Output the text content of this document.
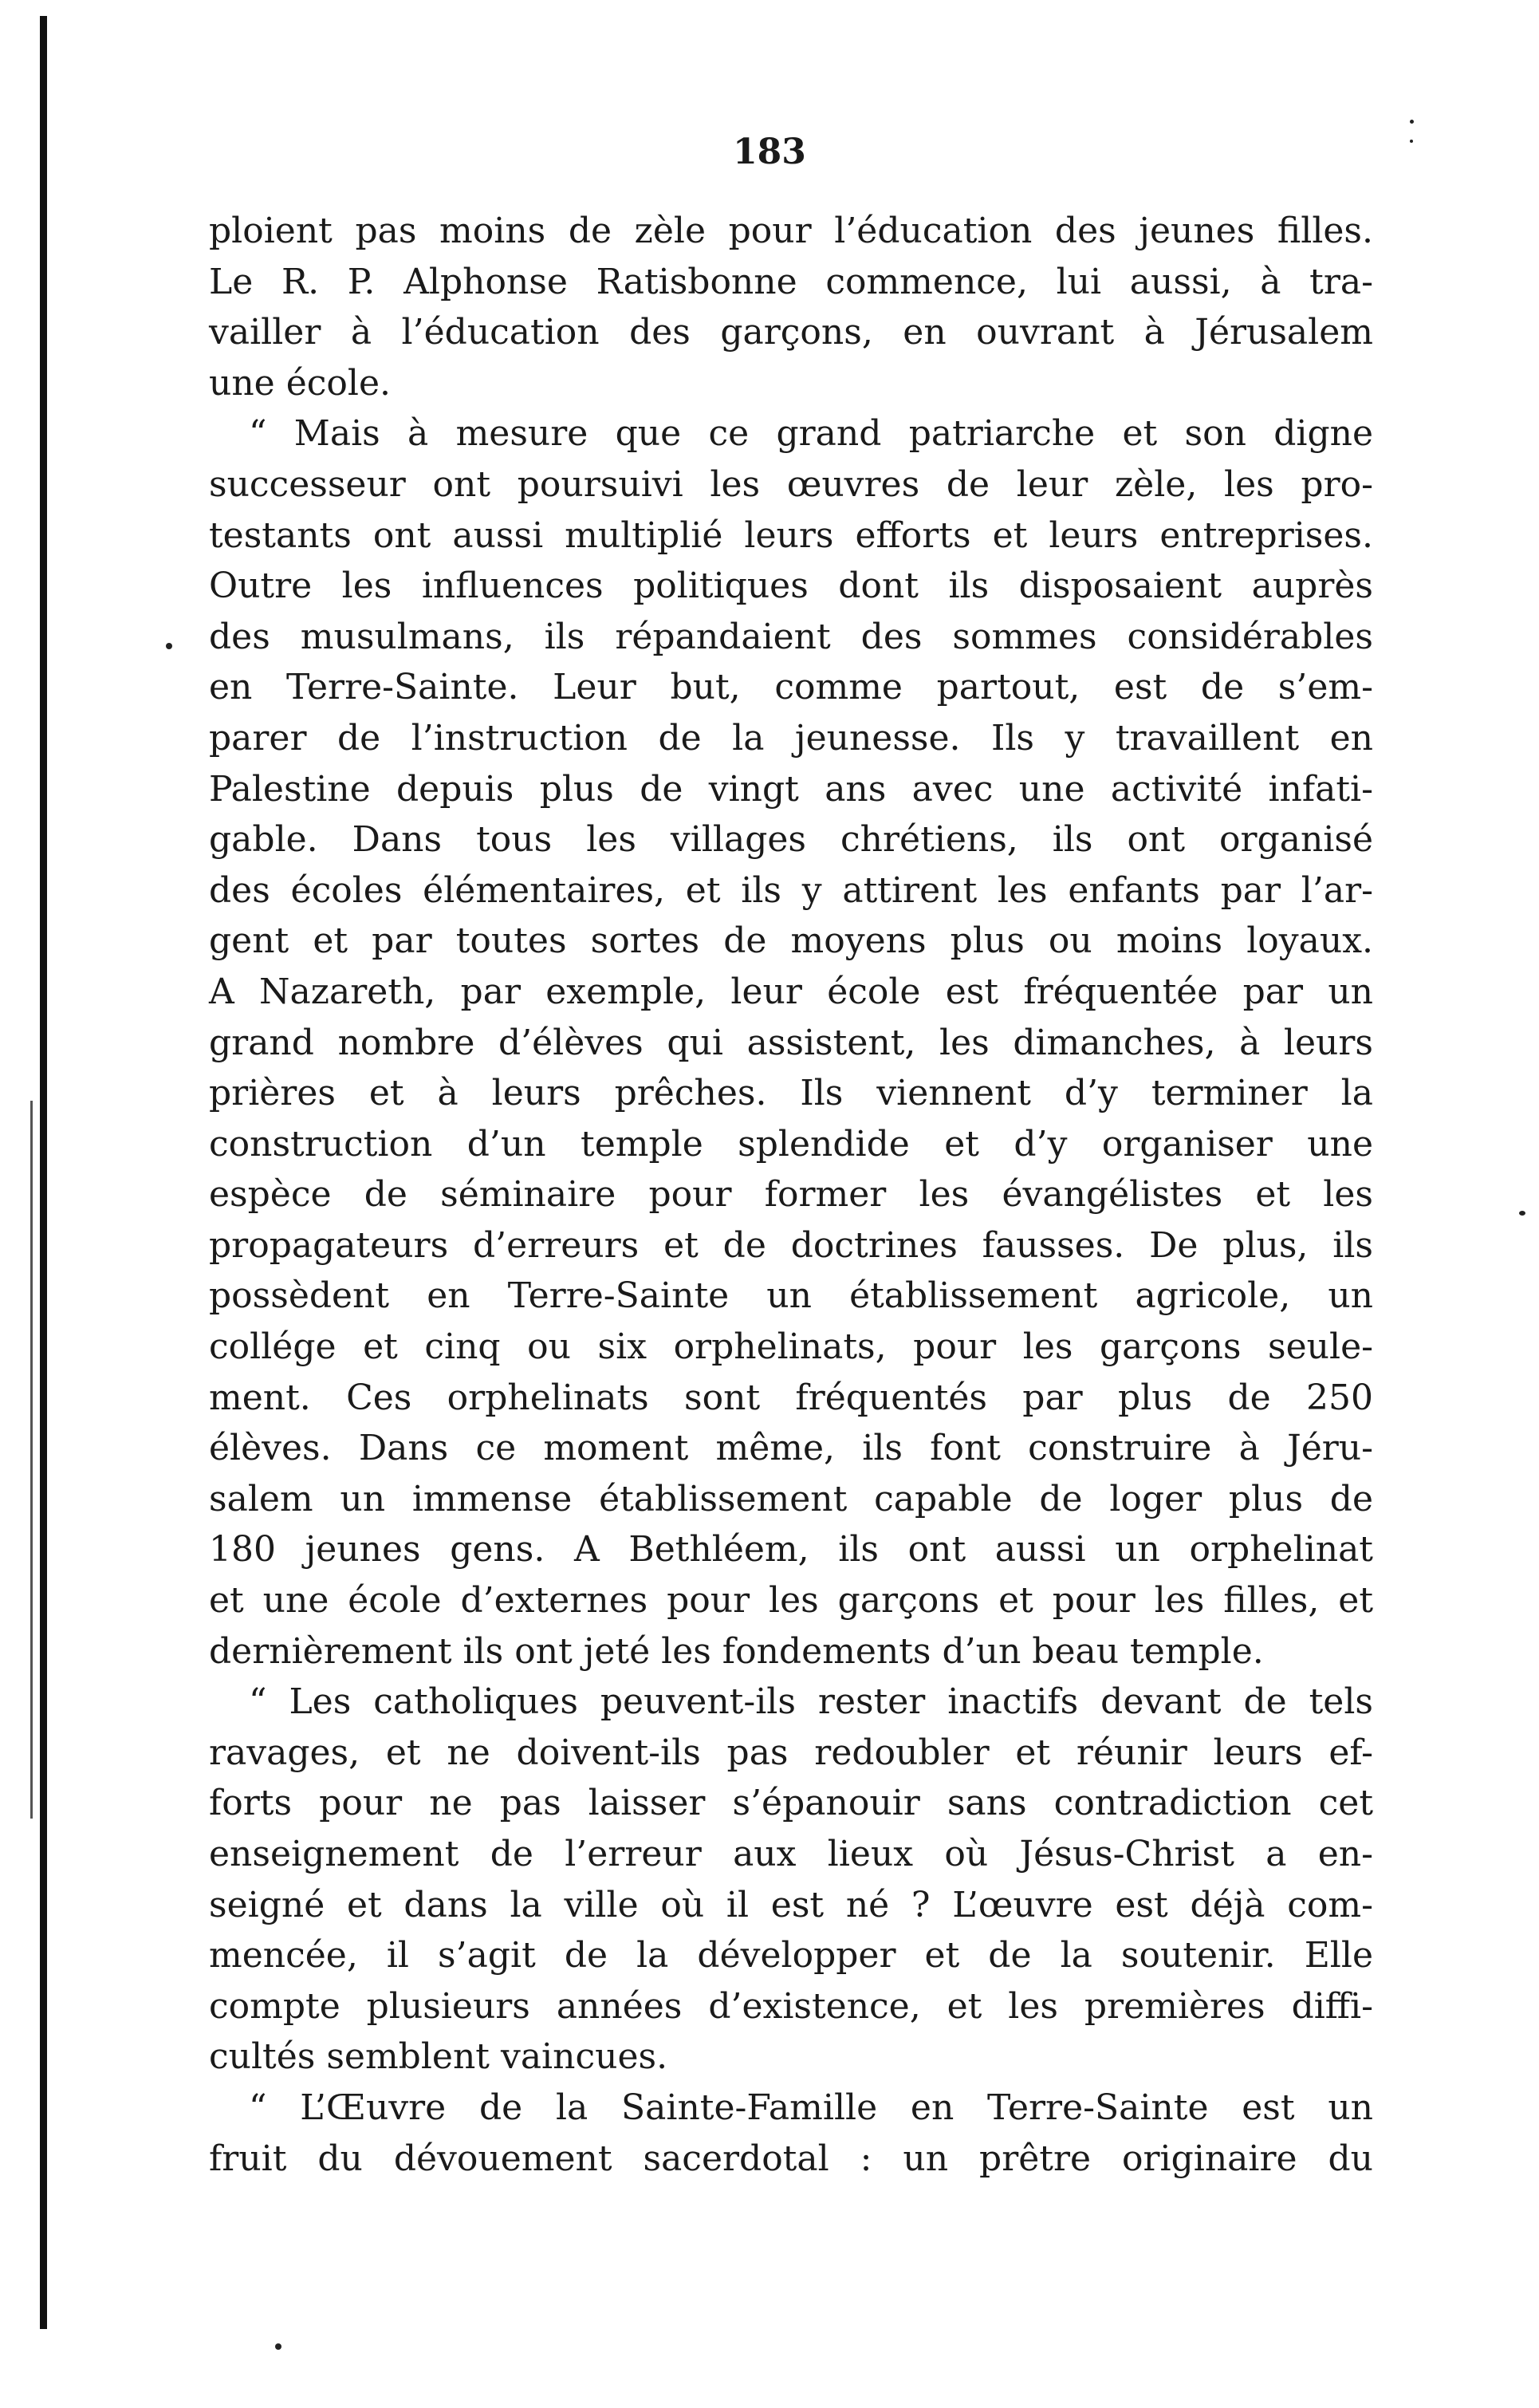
183
ploient pas moins de zèle pour l’éducation des jeunes filles.
Le R. P. Alphonse Ratisbonne commence, lui aussi, à tra-
vailler à l’éducation des garçons, en ouvrant à Jérusalem
une école.
“ Mais à mesure que ce grand patriarche et son digne
successeur ont poursuivi les œuvres de leur zèle, les pro-
testants ont aussi multiplié leurs efforts et leurs entreprises.
Outre les influences politiques dont ils disposaient auprès
des musulmans, ils répandaient des sommes considérables
en Terre-Sainte. Leur but, comme partout, est de s’em-
parer de l’instruction de la jeunesse. Ils y travaillent en
Palestine depuis plus de vingt ans avec une activité infati-
gable. Dans tous les villages chrétiens, ils ont organisé
des écoles élémentaires, et ils y attirent les enfants par l’ar-
gent et par toutes sortes de moyens plus ou moins loyaux.
A Nazareth, par exemple, leur école est fréquentée par un
grand nombre d’élèves qui assistent, les dimanches, à leurs
prières et à leurs prêches. Ils viennent d’y terminer la
construction d’un temple splendide et d’y organiser une
espèce de séminaire pour former les évangélistes et les
propagateurs d’erreurs et de doctrines fausses. De plus, ils
possèdent en Terre-Sainte un établissement agricole, un
collége et cinq ou six orphelinats, pour les garçons seule-
ment. Ces orphelinats sont fréquentés par plus de 250
élèves. Dans ce moment même, ils font construire à Jéru-
salem un immense établissement capable de loger plus de
180 jeunes gens. A Bethléem, ils ont aussi un orphelinat
et une école d’externes pour les garçons et pour les filles, et
dernièrement ils ont jeté les fondements d’un beau temple.
“ Les catholiques peuvent-ils rester inactifs devant de tels
ravages, et ne doivent-ils pas redoubler et réunir leurs ef-
forts pour ne pas laisser s’épanouir sans contradiction cet
enseignement de l’erreur aux lieux où Jésus-Christ a en-
seigné et dans la ville où il est né ? L’œuvre est déjà com-
mencée, il s’agit de la développer et de la soutenir. Elle
compte plusieurs années d’existence, et les premières diffi-
cultés semblent vaincues.
“ L’Œuvre de la Sainte-Famille en Terre-Sainte est un
fruit du dévouement sacerdotal : un prêtre originaire du
